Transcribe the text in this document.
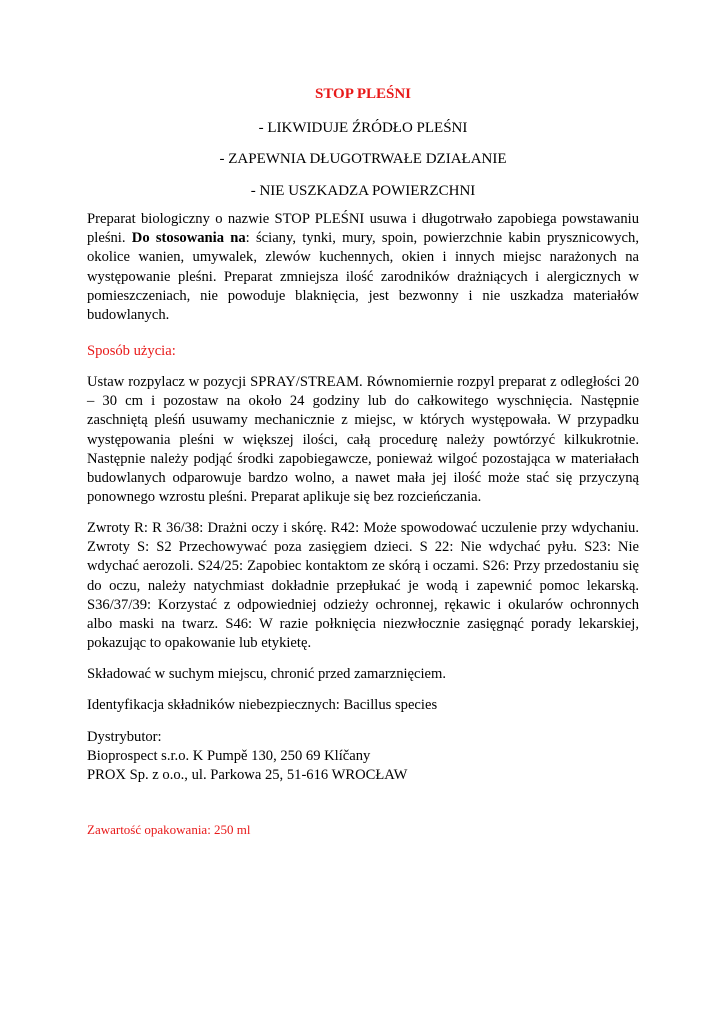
STOP PLEŚNI
- LIKWIDUJE ŹRÓDŁO PLEŚNI
- ZAPEWNIA DŁUGOTRWAŁE DZIAŁANIE
- NIE USZKADZA POWIERZCHNI
Preparat biologiczny o nazwie STOP PLEŚNI usuwa i długotrwało zapobiega powstawaniu pleśni. Do stosowania na: ściany, tynki, mury, spoin, powierzchnie kabin prysznicowych, okolice wanien, umywalek, zlewów kuchennych, okien i innych miejsc narażonych na występowanie pleśni. Preparat zmniejsza ilość zarodników drażniących i alergicznych w pomieszczeniach, nie powoduje blaknięcia, jest bezwonny i nie uszkadza materiałów budowlanych.
Sposób użycia:
Ustaw rozpylacz w pozycji SPRAY/STREAM. Równomiernie rozpyl preparat z odległości 20 – 30 cm i pozostaw na około 24 godziny lub do całkowitego wyschnięcia. Następnie zaschniętą pleśń usuwamy mechanicznie z miejsc, w których występowała. W przypadku występowania pleśni w większej ilości, całą procedurę należy powtórzyć kilkukrotnie. Następnie należy podjąć środki zapobiegawcze, ponieważ wilgoć pozostająca w materiałach budowlanych odparowuje bardzo wolno, a nawet mała jej ilość może stać się przyczyną ponownego wzrostu pleśni. Preparat aplikuje się bez rozcieńczania.
Zwroty R: R 36/38: Drażni oczy i skórę. R42: Może spowodować uczulenie przy wdychaniu. Zwroty S: S2 Przechowywać poza zasięgiem dzieci. S 22: Nie wdychać pyłu. S23: Nie wdychać aerozoli. S24/25: Zapobiec kontaktom ze skórą i oczami. S26: Przy przedostaniu się do oczu, należy natychmiast dokładnie przepłukać je wodą i zapewnić pomoc lekarską. S36/37/39: Korzystać z odpowiedniej odzieży ochronnej, rękawic i okularów ochronnych albo maski na twarz. S46: W razie połknięcia niezwłocznie zasięgnąć porady lekarskiej, pokazując to opakowanie lub etykietę.
Składować w suchym miejscu, chronić przed zamarznięciem.
Identyfikacja składników niebezpiecznych: Bacillus species
Dystrybutor:
Bioprospect s.r.o. K Pumpě 130, 250 69 Klíčany
PROX Sp. z o.o., ul. Parkowa 25, 51-616 WROCŁAW
Zawartość opakowania: 250 ml
